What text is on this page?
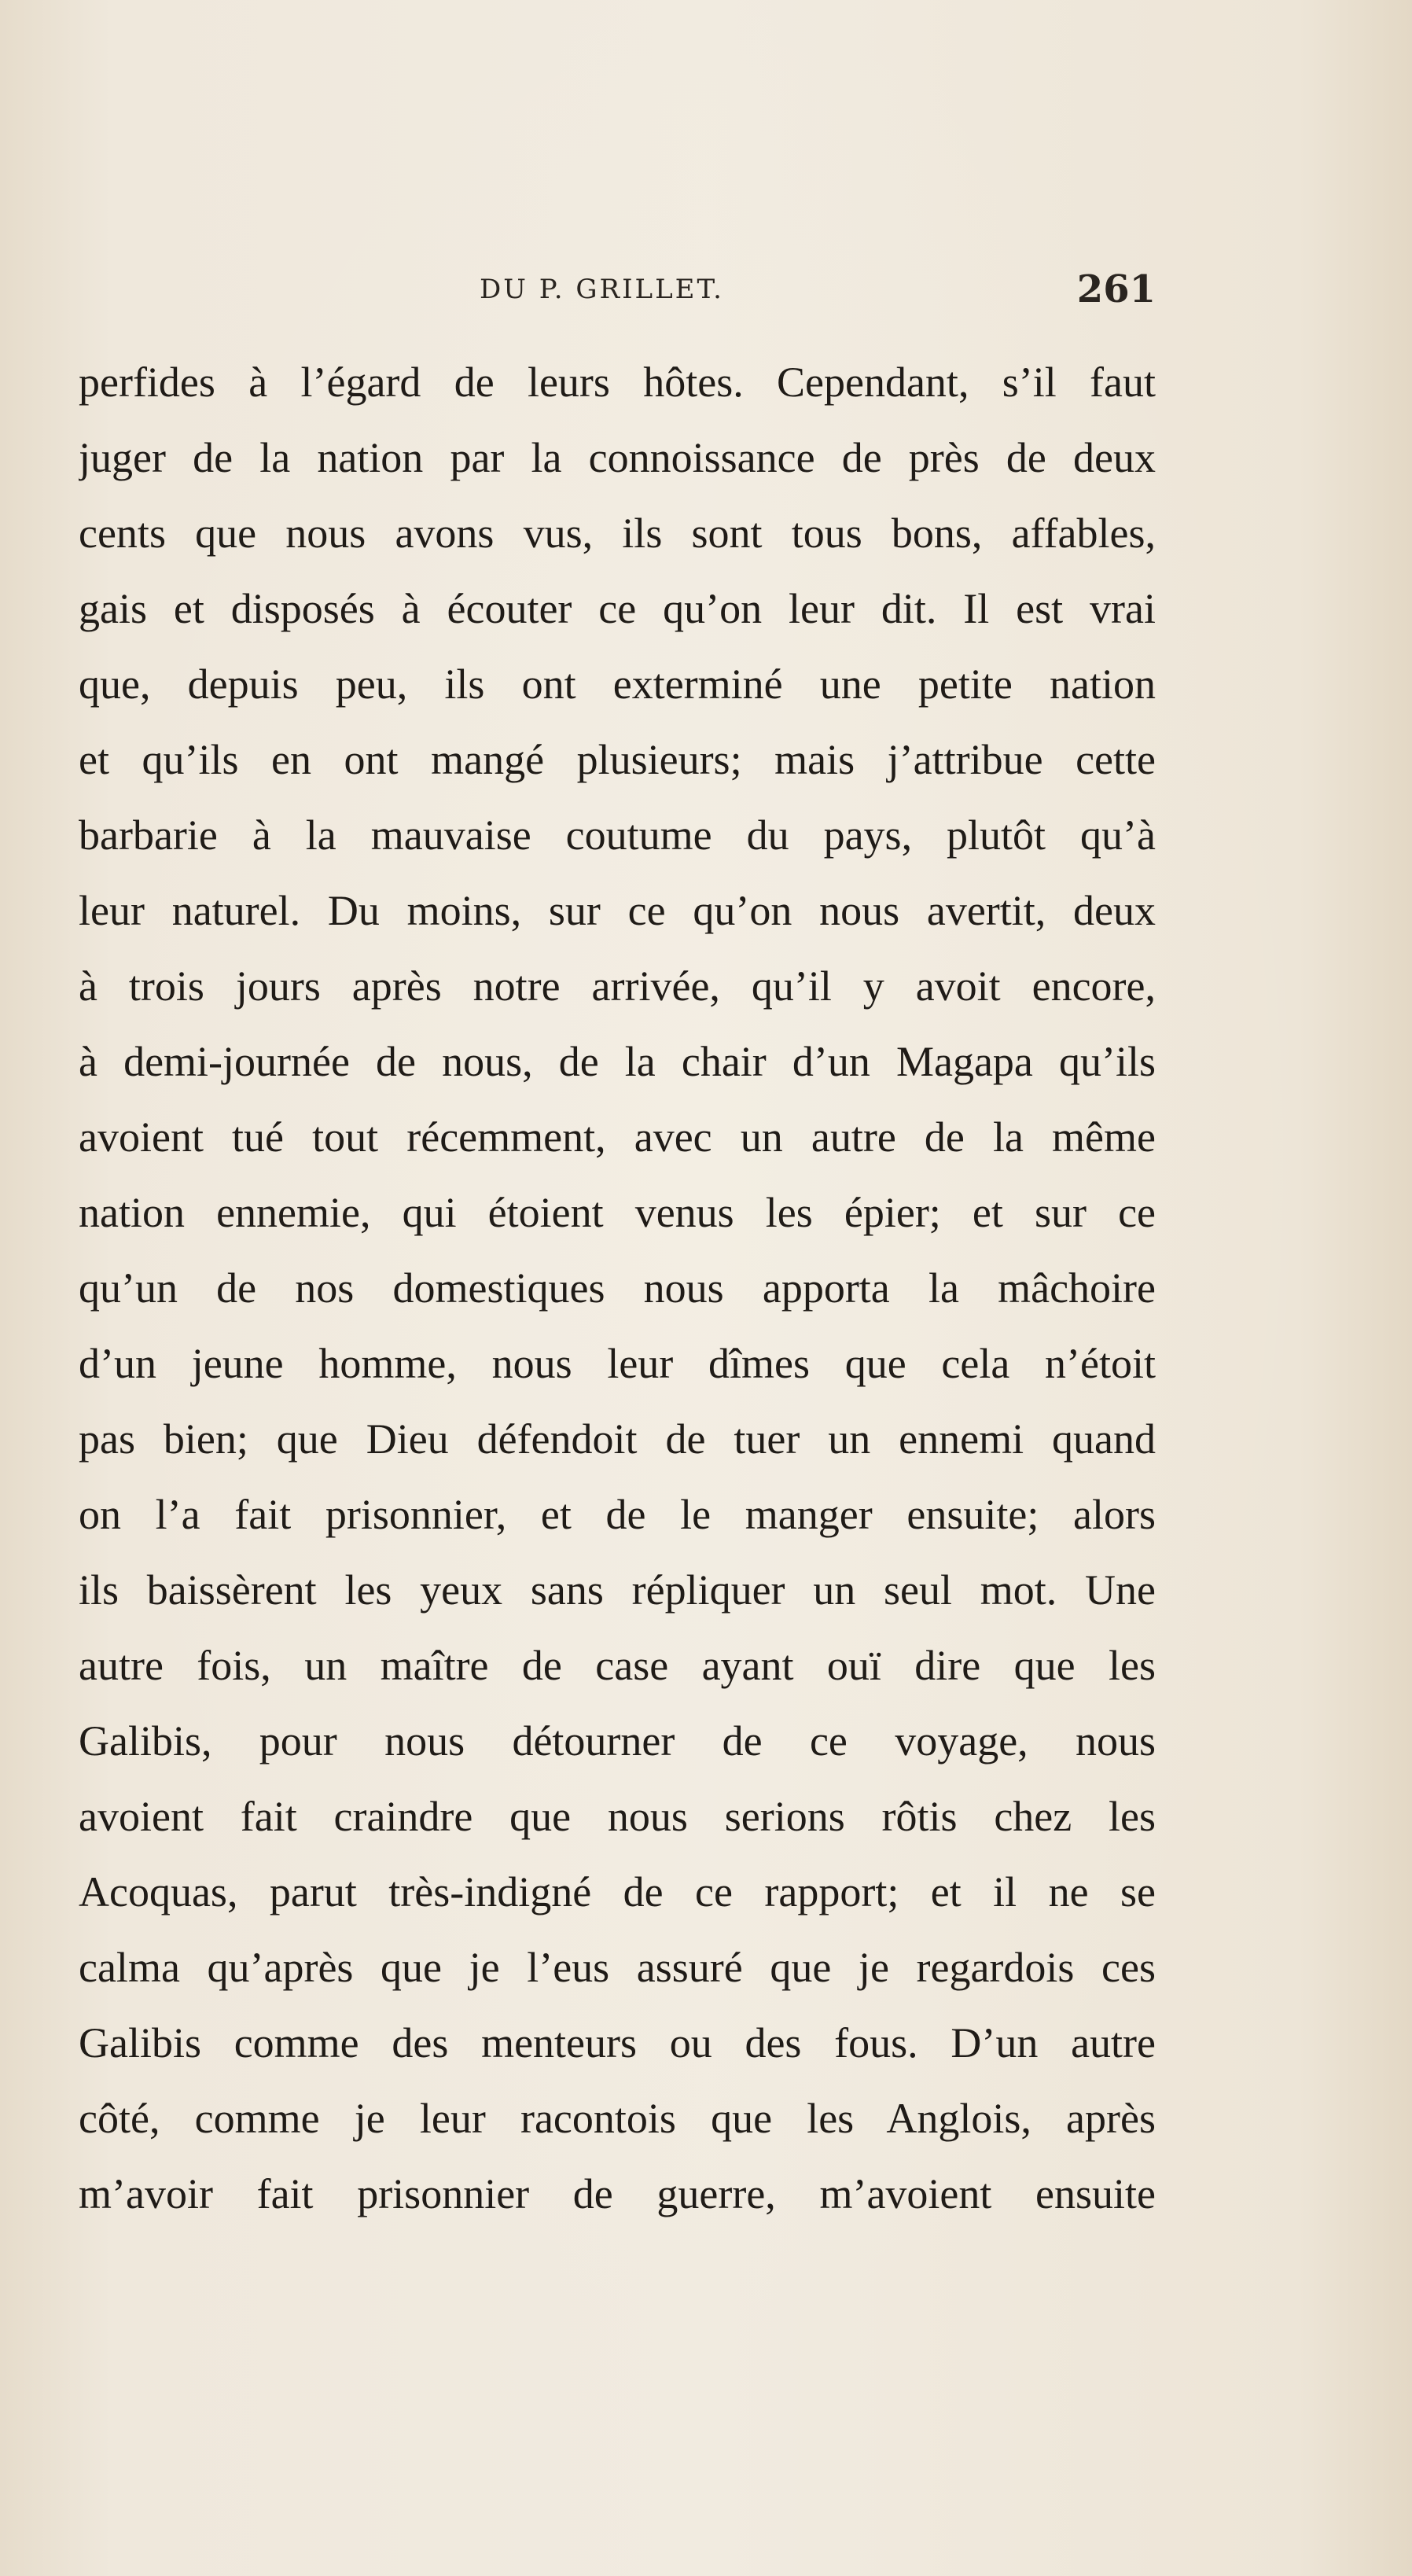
DU P. GRILLET.	261
perfides à l’égard de leurs hôtes. Cependant, s’il faut
juger de la nation par la connoissance de près de deux
cents que nous avons vus, ils sont tous bons, affables,
gais et disposés à écouter ce qu’on leur dit. Il est vrai
que, depuis peu, ils ont exterminé une petite nation
et qu’ils en ont mangé plusieurs; mais j’attribue cette
barbarie à la mauvaise coutume du pays, plutôt qu’à
leur naturel. Du moins, sur ce qu’on nous avertit, deux
à trois jours après notre arrivée, qu’il y avoit encore,
à demi-journée de nous, de la chair d’un Magapa qu’ils
avoient tué tout récemment, avec un autre de la même
nation ennemie, qui étoient venus les épier; et sur ce
qu’un de nos domestiques nous apporta la mâchoire
d’un jeune homme, nous leur dîmes que cela n’étoit
pas bien; que Dieu défendoit de tuer un ennemi quand
on l’a fait prisonnier, et de le manger ensuite; alors
ils baissèrent les yeux sans répliquer un seul mot. Une
autre fois, un maître de case ayant ouï dire que les
Galibis, pour nous détourner de ce voyage, nous
avoient fait craindre que nous serions rôtis chez les
Acoquas, parut très-indigné de ce rapport; et il ne se
calma qu’après que je l’eus assuré que je regardois ces
Galibis comme des menteurs ou des fous. D’un autre
côté, comme je leur racontois que les Anglois, après
m’avoir fait prisonnier de guerre, m’avoient ensuite
